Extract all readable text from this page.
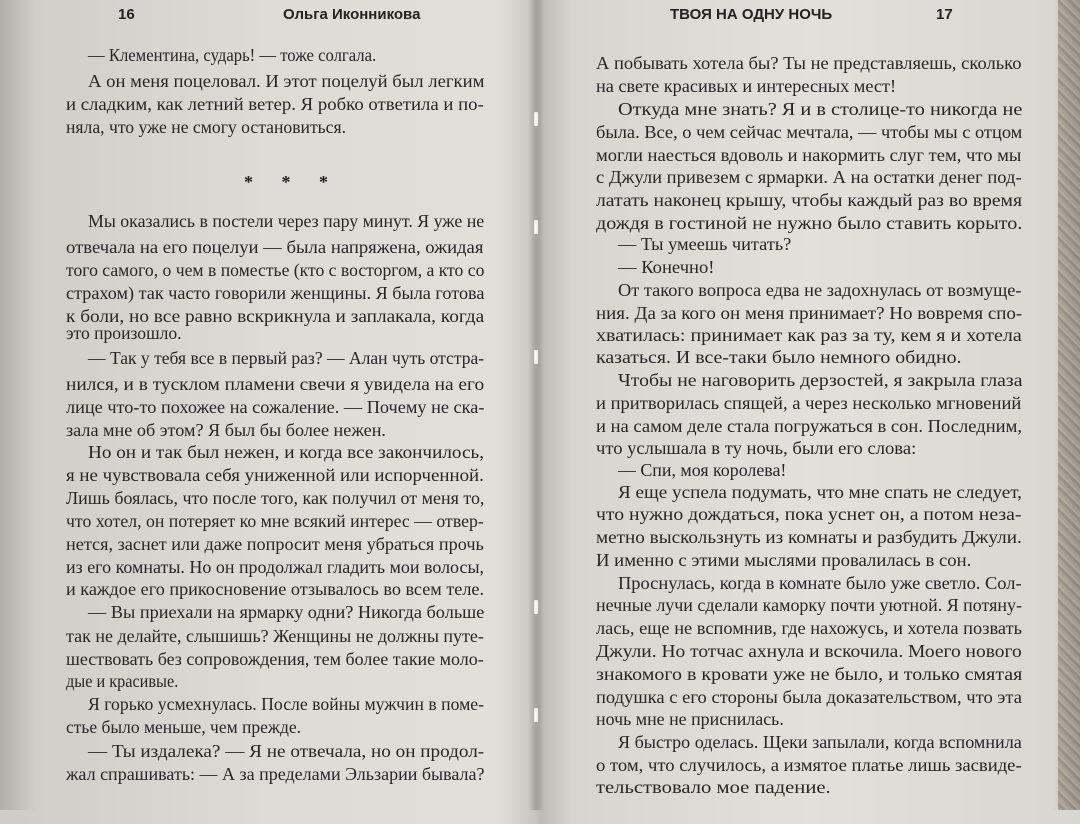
16	Ольга Иконникова
— Клементина, сударь! — тоже солгала.
А он меня поцеловал. И этот поцелуй был легким
и сладким, как летний ветер. Я робко ответила и по-
няла, что уже не смогу остановиться.
Мы оказались в постели через пару минут. Я уже не
отвечала на его поцелуи — была напряжена, ожидая
того самого, о чем в поместье (кто с восторгом, а кто со
страхом) так часто говорили женщины. Я была готова
к боли, но все равно вскрикнула и заплакала, когда
это произошло.
— Так у тебя все в первый раз? — Алан чуть отстра-
нился, и в тусклом пламени свечи я увидела на его
лице что-то похожее на сожаление. — Почему не ска-
зала мне об этом? Я был бы более нежен.
Но он и так был нежен, и когда все закончилось,
я не чувствовала себя униженной или испорченной.
Лишь боялась, что после того, как получил от меня то,
что хотел, он потеряет ко мне всякий интерес — отвер-
нется, заснет или даже попросит меня убраться прочь
из его комнаты. Но он продолжал гладить мои волосы,
и каждое его прикосновение отзывалось во всем теле.
— Вы приехали на ярмарку одни? Никогда больше
так не делайте, слышишь? Женщины не должны путе-
шествовать без сопровождения, тем более такие моло-
дые и красивые.
Я горько усмехнулась. После войны мужчин в поме-
стье было меньше, чем прежде.
— Ты издалека? — Я не отвечала, но он продол-
жал спрашивать: — А за пределами Эльзарии бывала?
* * *
ТВОЯ НА ОДНУ НОЧЬ	17
А побывать хотела бы? Ты не представляешь, сколько
на свете красивых и интересных мест!
Откуда мне знать? Я и в столице-то никогда не
была. Все, о чем сейчас мечтала, — чтобы мы с отцом
могли наесться вдоволь и накормить слуг тем, что мы
с Джули привезем с ярмарки. А на остатки денег под-
латать наконец крышу, чтобы каждый раз во время
дождя в гостиной не нужно было ставить корыто.
— Ты умеешь читать?
— Конечно!
От такого вопроса едва не задохнулась от возмуще-
ния. Да за кого он меня принимает? Но вовремя спо-
хватилась: принимает как раз за ту, кем я и хотела
казаться. И все-таки было немного обидно.
Чтобы не наговорить дерзостей, я закрыла глаза
и притворилась спящей, а через несколько мгновений
и на самом деле стала погружаться в сон. Последним,
что услышала в ту ночь, были его слова:
— Спи, моя королева!
Я еще успела подумать, что мне спать не следует,
что нужно дождаться, пока уснет он, а потом неза-
метно выскользнуть из комнаты и разбудить Джули.
И именно с этими мыслями провалилась в сон.
Проснулась, когда в комнате было уже светло. Сол-
нечные лучи сделали каморку почти уютной. Я потяну-
лась, еще не вспомнив, где нахожусь, и хотела позвать
Джули. Но тотчас ахнула и вскочила. Моего нового
знакомого в кровати уже не было, и только смятая
подушка с его стороны была доказательством, что эта
ночь мне не приснилась.
Я быстро оделась. Щеки запылали, когда вспомнила
о том, что случилось, а измятое платье лишь засвиде-
тельствовало мое падение.
